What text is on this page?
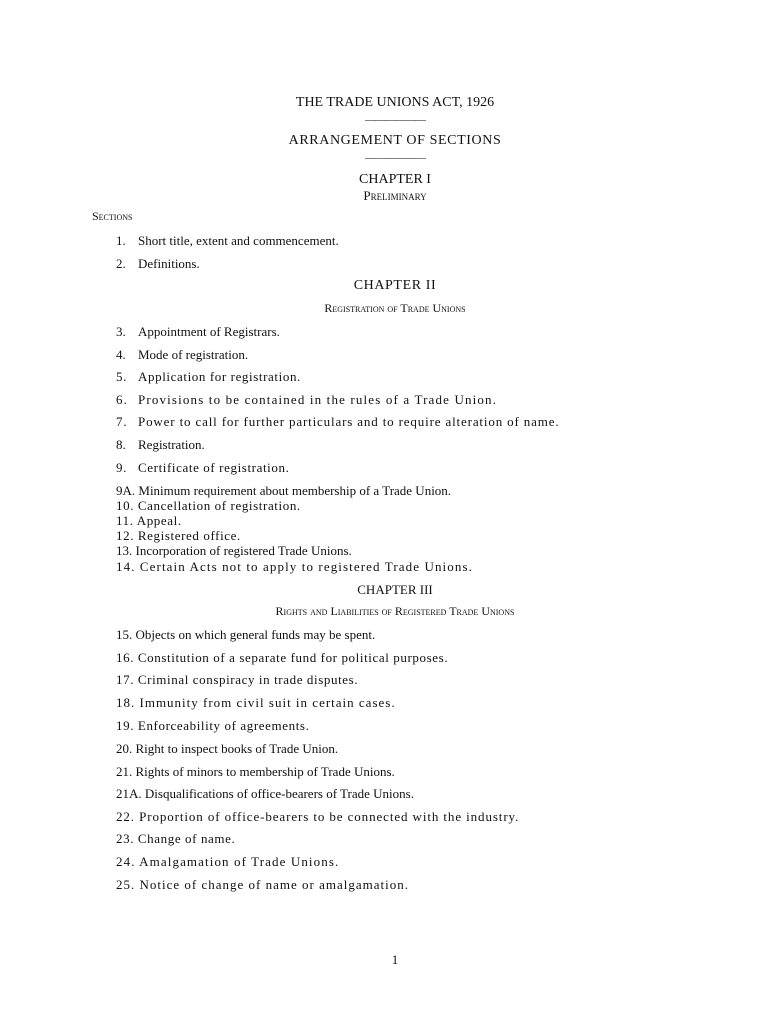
THE TRADE UNIONS ACT, 1926
——————
ARRANGEMENT OF SECTIONS
——————
CHAPTER I
Preliminary
Sections
1. Short title, extent and commencement.
2. Definitions.
CHAPTER II
Registration of Trade Unions
3. Appointment of Registrars.
4. Mode of registration.
5. Application for registration.
6. Provisions to be contained in the rules of a Trade Union.
7. Power to call for further particulars and to require alteration of name.
8. Registration.
9. Certificate of registration.
9A. Minimum requirement about membership of a Trade Union.
10. Cancellation of registration.
11. Appeal.
12. Registered office.
13. Incorporation of registered Trade Unions.
14. Certain Acts not to apply to registered Trade Unions.
CHAPTER III
Rights and Liabilities of Registered Trade Unions
15. Objects on which general funds may be spent.
16. Constitution of a separate fund for political purposes.
17. Criminal conspiracy in trade disputes.
18. Immunity from civil suit in certain cases.
19. Enforceability of agreements.
20. Right to inspect books of Trade Union.
21. Rights of minors to membership of Trade Unions.
21A. Disqualifications of office-bearers of Trade Unions.
22. Proportion of office-bearers to be connected with the industry.
23. Change of name.
24. Amalgamation of Trade Unions.
25. Notice of change of name or amalgamation.
1
